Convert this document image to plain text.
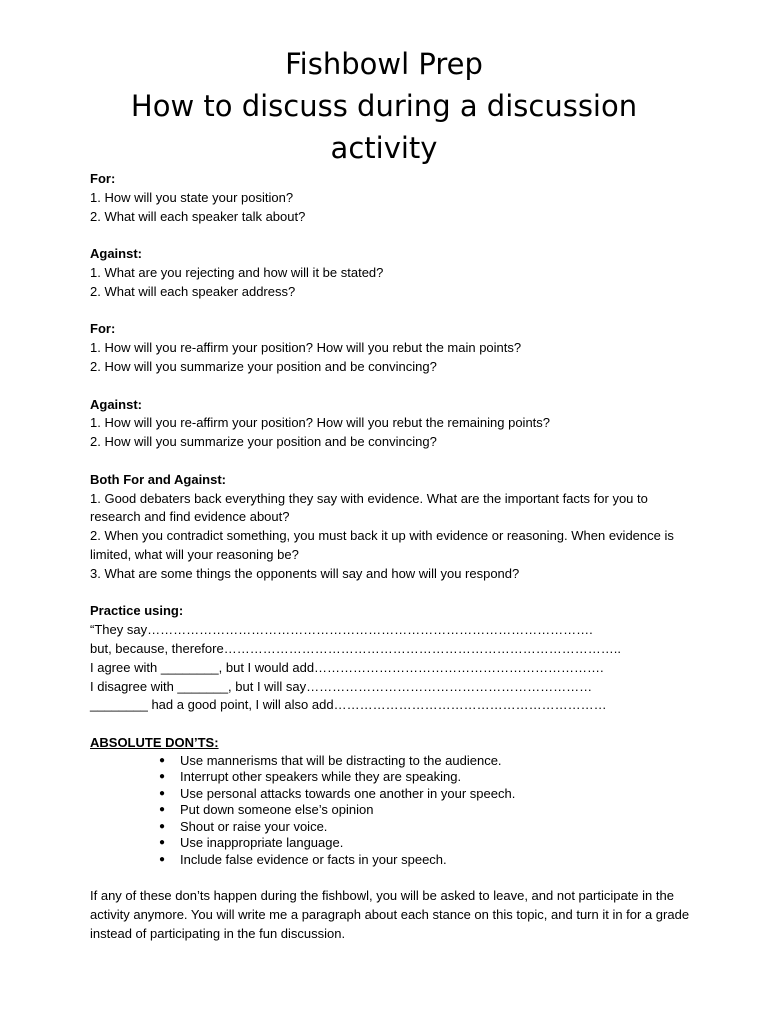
Fishbowl Prep
How to discuss during a discussion
activity
For:
1. How will you state your position?
2. What will each speaker talk about?
Against:
1. What are you rejecting and how will it be stated?
2. What will each speaker address?
For:
1. How will you re-affirm your position? How will you rebut the main points?
2. How will you summarize your position and be convincing?
Against:
1. How will you re-affirm your position? How will you rebut the remaining points?
2. How will you summarize your position and be convincing?
Both For and Against:
1. Good debaters back everything they say with evidence. What are the important facts for you to research and find evidence about?
2. When you contradict something, you must back it up with evidence or reasoning. When evidence is limited, what will your reasoning be?
3. What are some things the opponents will say and how will you respond?
Practice using:
“They say………………………………………………………………………………………….
but, because, therefore………………………………………………………………………………..
I agree with ________, but I would add………………………………………………………….
I disagree with _______, but I will say…………………………………………………………
________ had a good point, I will also add………………………………………………………
ABSOLUTE DON’TS:
● Use mannerisms that will be distracting to the audience.
● Interrupt other speakers while they are speaking.
● Use personal attacks towards one another in your speech.
● Put down someone else’s opinion
● Shout or raise your voice.
● Use inappropriate language.
● Include false evidence or facts in your speech.

If any of these don’ts happen during the fishbowl, you will be asked to leave, and not participate in the activity anymore. You will write me a paragraph about each stance on this topic, and turn it in for a grade instead of participating in the fun discussion.
